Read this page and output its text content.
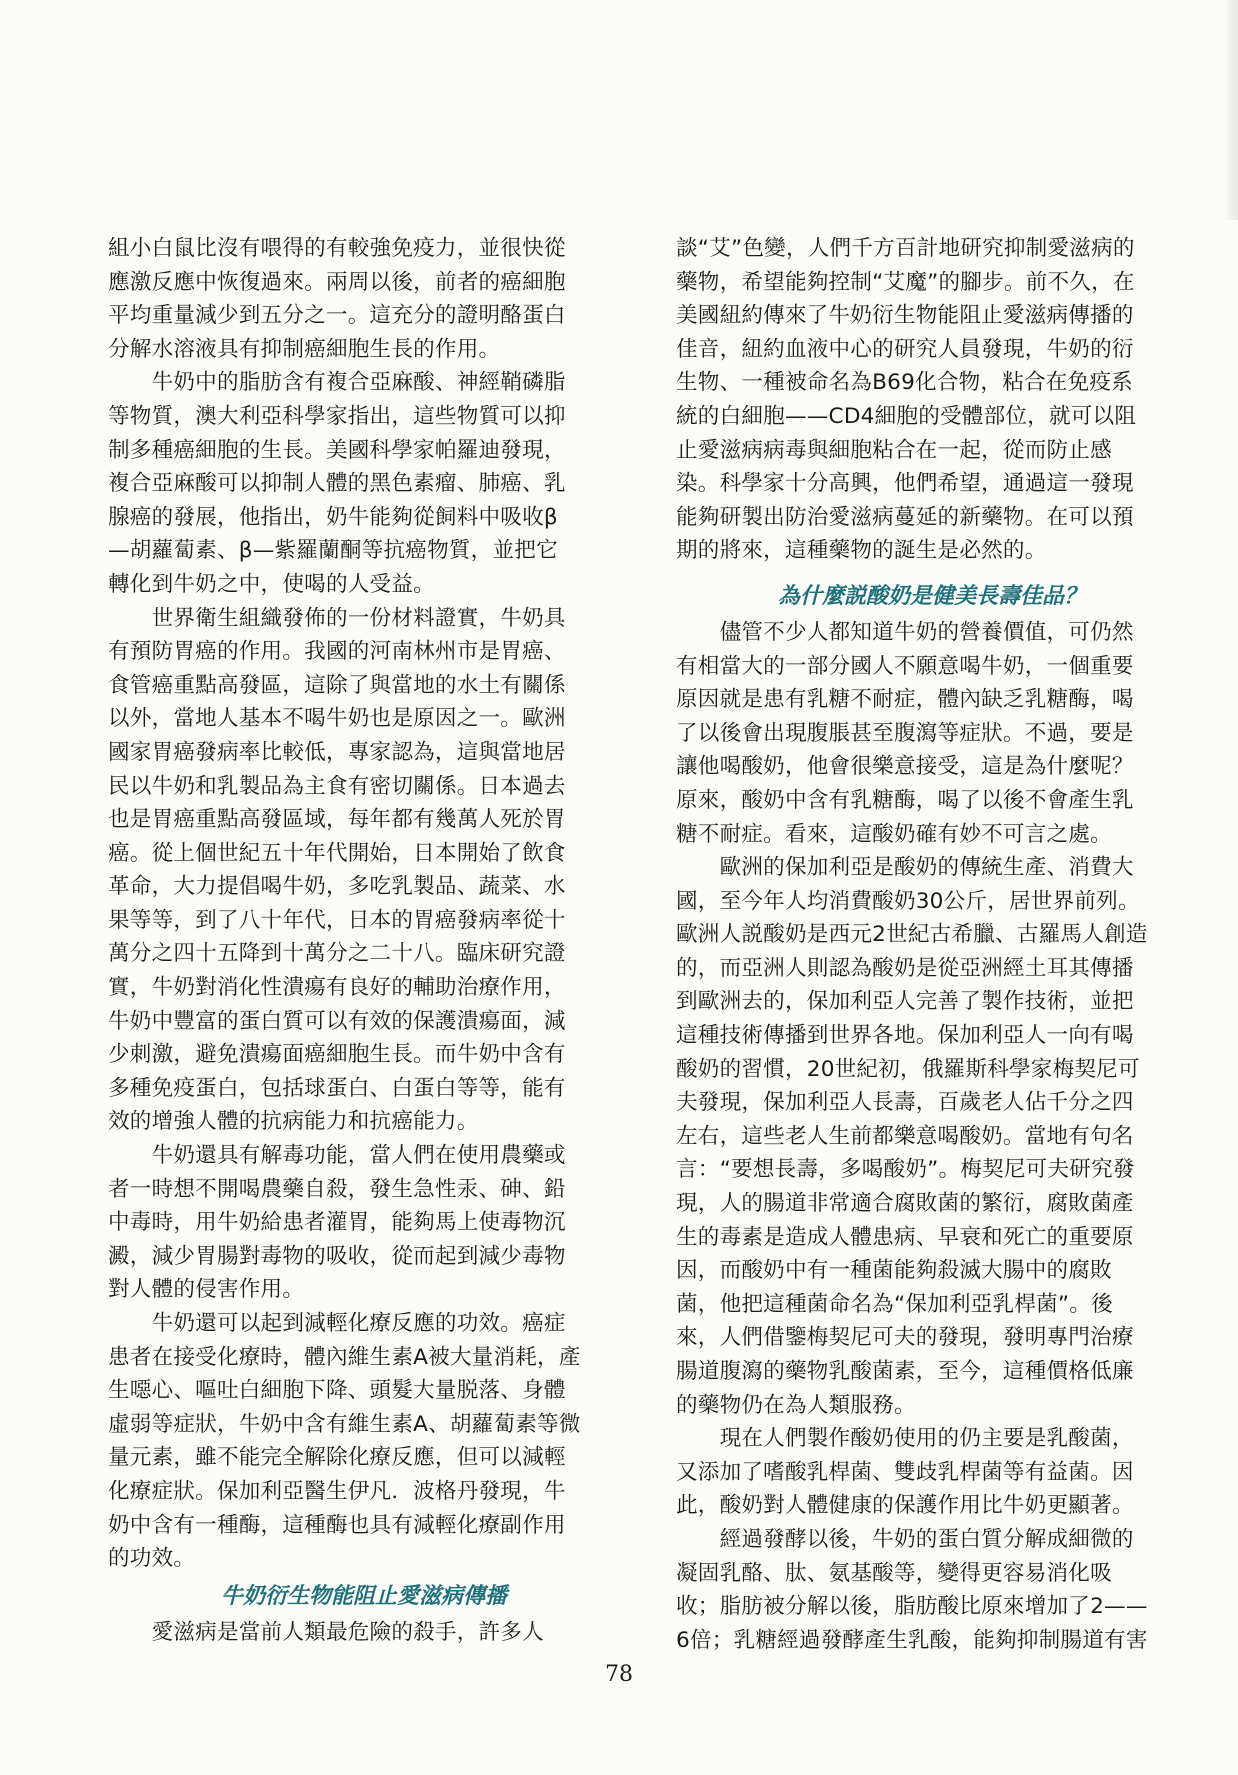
組小白鼠比沒有喂得的有較強免疫力，並很快從
應激反應中恢復過來。兩周以後，前者的癌細胞
平均重量減少到五分之一。這充分的證明酪蛋白
分解水溶液具有抑制癌細胞生長的作用。
　　牛奶中的脂肪含有複合亞麻酸、神經鞘磷脂
等物質，澳大利亞科學家指出，這些物質可以抑
制多種癌細胞的生長。美國科學家帕羅迪發現，
複合亞麻酸可以抑制人體的黑色素瘤、肺癌、乳
腺癌的發展，他指出，奶牛能夠從飼料中吸收β
—胡蘿蔔素、β—紫羅蘭酮等抗癌物質，並把它
轉化到牛奶之中，使喝的人受益。
　　世界衛生組織發佈的一份材料證實，牛奶具
有預防胃癌的作用。我國的河南林州市是胃癌、
食管癌重點高發區，這除了與當地的水土有關係
以外，當地人基本不喝牛奶也是原因之一。歐洲
國家胃癌發病率比較低，專家認為，這與當地居
民以牛奶和乳製品為主食有密切關係。日本過去
也是胃癌重點高發區域，每年都有幾萬人死於胃
癌。從上個世紀五十年代開始，日本開始了飲食
革命，大力提倡喝牛奶，多吃乳製品、蔬菜、水
果等等，到了八十年代，日本的胃癌發病率從十
萬分之四十五降到十萬分之二十八。臨床研究證
實，牛奶對消化性潰瘍有良好的輔助治療作用，
牛奶中豐富的蛋白質可以有效的保護潰瘍面，減
少刺激，避免潰瘍面癌細胞生長。而牛奶中含有
多種免疫蛋白，包括球蛋白、白蛋白等等，能有
效的增強人體的抗病能力和抗癌能力。
　　牛奶還具有解毒功能，當人們在使用農藥或
者一時想不開喝農藥自殺，發生急性汞、砷、鉛
中毒時，用牛奶給患者灌胃，能夠馬上使毒物沉
澱，減少胃腸對毒物的吸收，從而起到減少毒物
對人體的侵害作用。
　　牛奶還可以起到減輕化療反應的功效。癌症
患者在接受化療時，體內維生素A被大量消耗，產
生噁心、嘔吐白細胞下降、頭髮大量脱落、身體
虛弱等症狀，牛奶中含有維生素A、胡蘿蔔素等微
量元素，雖不能完全解除化療反應，但可以減輕
化療症狀。保加利亞醫生伊凡．波格丹發現，牛
奶中含有一種酶，這種酶也具有減輕化療副作用
的功效。
牛奶衍生物能阻止愛滋病傳播
　　愛滋病是當前人類最危險的殺手，許多人
談“艾”色變，人們千方百計地研究抑制愛滋病的
藥物，希望能夠控制“艾魔”的腳步。前不久，在
美國紐約傳來了牛奶衍生物能阻止愛滋病傳播的
佳音，紐約血液中心的研究人員發現，牛奶的衍
生物、一種被命名為B69化合物，粘合在免疫系
統的白細胞——CD4細胞的受體部位，就可以阻
止愛滋病病毒與細胞粘合在一起，從而防止感
染。科學家十分高興，他們希望，通過這一發現
能夠研製出防治愛滋病蔓延的新藥物。在可以預
期的將來，這種藥物的誕生是必然的。
為什麼説酸奶是健美長壽佳品？
　　儘管不少人都知道牛奶的營養價值，可仍然
有相當大的一部分國人不願意喝牛奶，一個重要
原因就是患有乳糖不耐症，體內缺乏乳糖酶，喝
了以後會出現腹脹甚至腹瀉等症狀。不過，要是
讓他喝酸奶，他會很樂意接受，這是為什麼呢？
原來，酸奶中含有乳糖酶，喝了以後不會產生乳
糖不耐症。看來，這酸奶確有妙不可言之處。
　　歐洲的保加利亞是酸奶的傳統生產、消費大
國，至今年人均消費酸奶30公斤，居世界前列。
歐洲人説酸奶是西元2世紀古希臘、古羅馬人創造
的，而亞洲人則認為酸奶是從亞洲經土耳其傳播
到歐洲去的，保加利亞人完善了製作技術，並把
這種技術傳播到世界各地。保加利亞人一向有喝
酸奶的習慣，20世紀初，俄羅斯科學家梅契尼可
夫發現，保加利亞人長壽，百歲老人佔千分之四
左右，這些老人生前都樂意喝酸奶。當地有句名
言：“要想長壽，多喝酸奶”。梅契尼可夫研究發
現，人的腸道非常適合腐敗菌的繁衍，腐敗菌產
生的毒素是造成人體患病、早衰和死亡的重要原
因，而酸奶中有一種菌能夠殺滅大腸中的腐敗
菌，他把這種菌命名為“保加利亞乳桿菌”。後
來，人們借鑒梅契尼可夫的發現，發明專門治療
腸道腹瀉的藥物乳酸菌素，至今，這種價格低廉
的藥物仍在為人類服務。
　　現在人們製作酸奶使用的仍主要是乳酸菌，
又添加了嗜酸乳桿菌、雙歧乳桿菌等有益菌。因
此，酸奶對人體健康的保護作用比牛奶更顯著。
　　經過發酵以後，牛奶的蛋白質分解成細微的
凝固乳酪、肽、氨基酸等，變得更容易消化吸
收；脂肪被分解以後，脂肪酸比原來增加了2——
6倍；乳糖經過發酵產生乳酸，能夠抑制腸道有害
78
